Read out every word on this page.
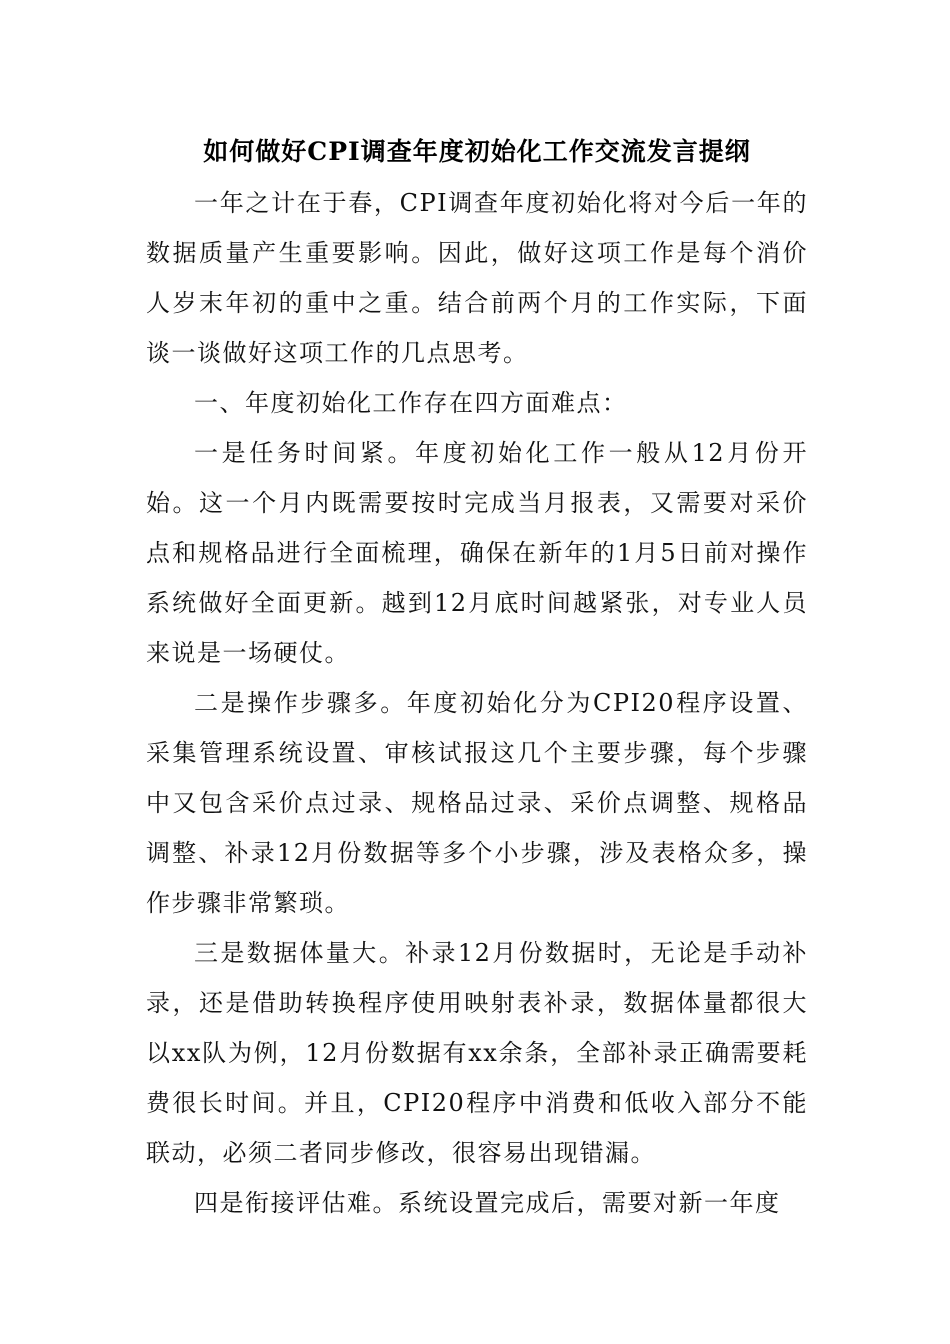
如何做好CPI调查年度初始化工作交流发言提纲

一年之计在于春，CPI调查年度初始化将对今后一年的数据质量产生重要影响。因此，做好这项工作是每个消价人岁末年初的重中之重。结合前两个月的工作实际，下面谈一谈做好这项工作的几点思考。

一、年度初始化工作存在四方面难点：

一是任务时间紧。年度初始化工作一般从12月份开始。这一个月内既需要按时完成当月报表，又需要对采价点和规格品进行全面梳理，确保在新年的1月5日前对操作系统做好全面更新。越到12月底时间越紧张，对专业人员来说是一场硬仗。

二是操作步骤多。年度初始化分为CPI20程序设置、采集管理系统设置、审核试报这几个主要步骤，每个步骤中又包含采价点过录、规格品过录、采价点调整、规格品调整、补录12月份数据等多个小步骤，涉及表格众多，操作步骤非常繁琐。

三是数据体量大。补录12月份数据时，无论是手动补录，还是借助转换程序使用映射表补录，数据体量都很大以xx队为例，12月份数据有xx余条，全部补录正确需要耗费很长时间。并且，CPI20程序中消费和低收入部分不能联动，必须二者同步修改，很容易出现错漏。

四是衔接评估难。系统设置完成后，需要对新一年度
